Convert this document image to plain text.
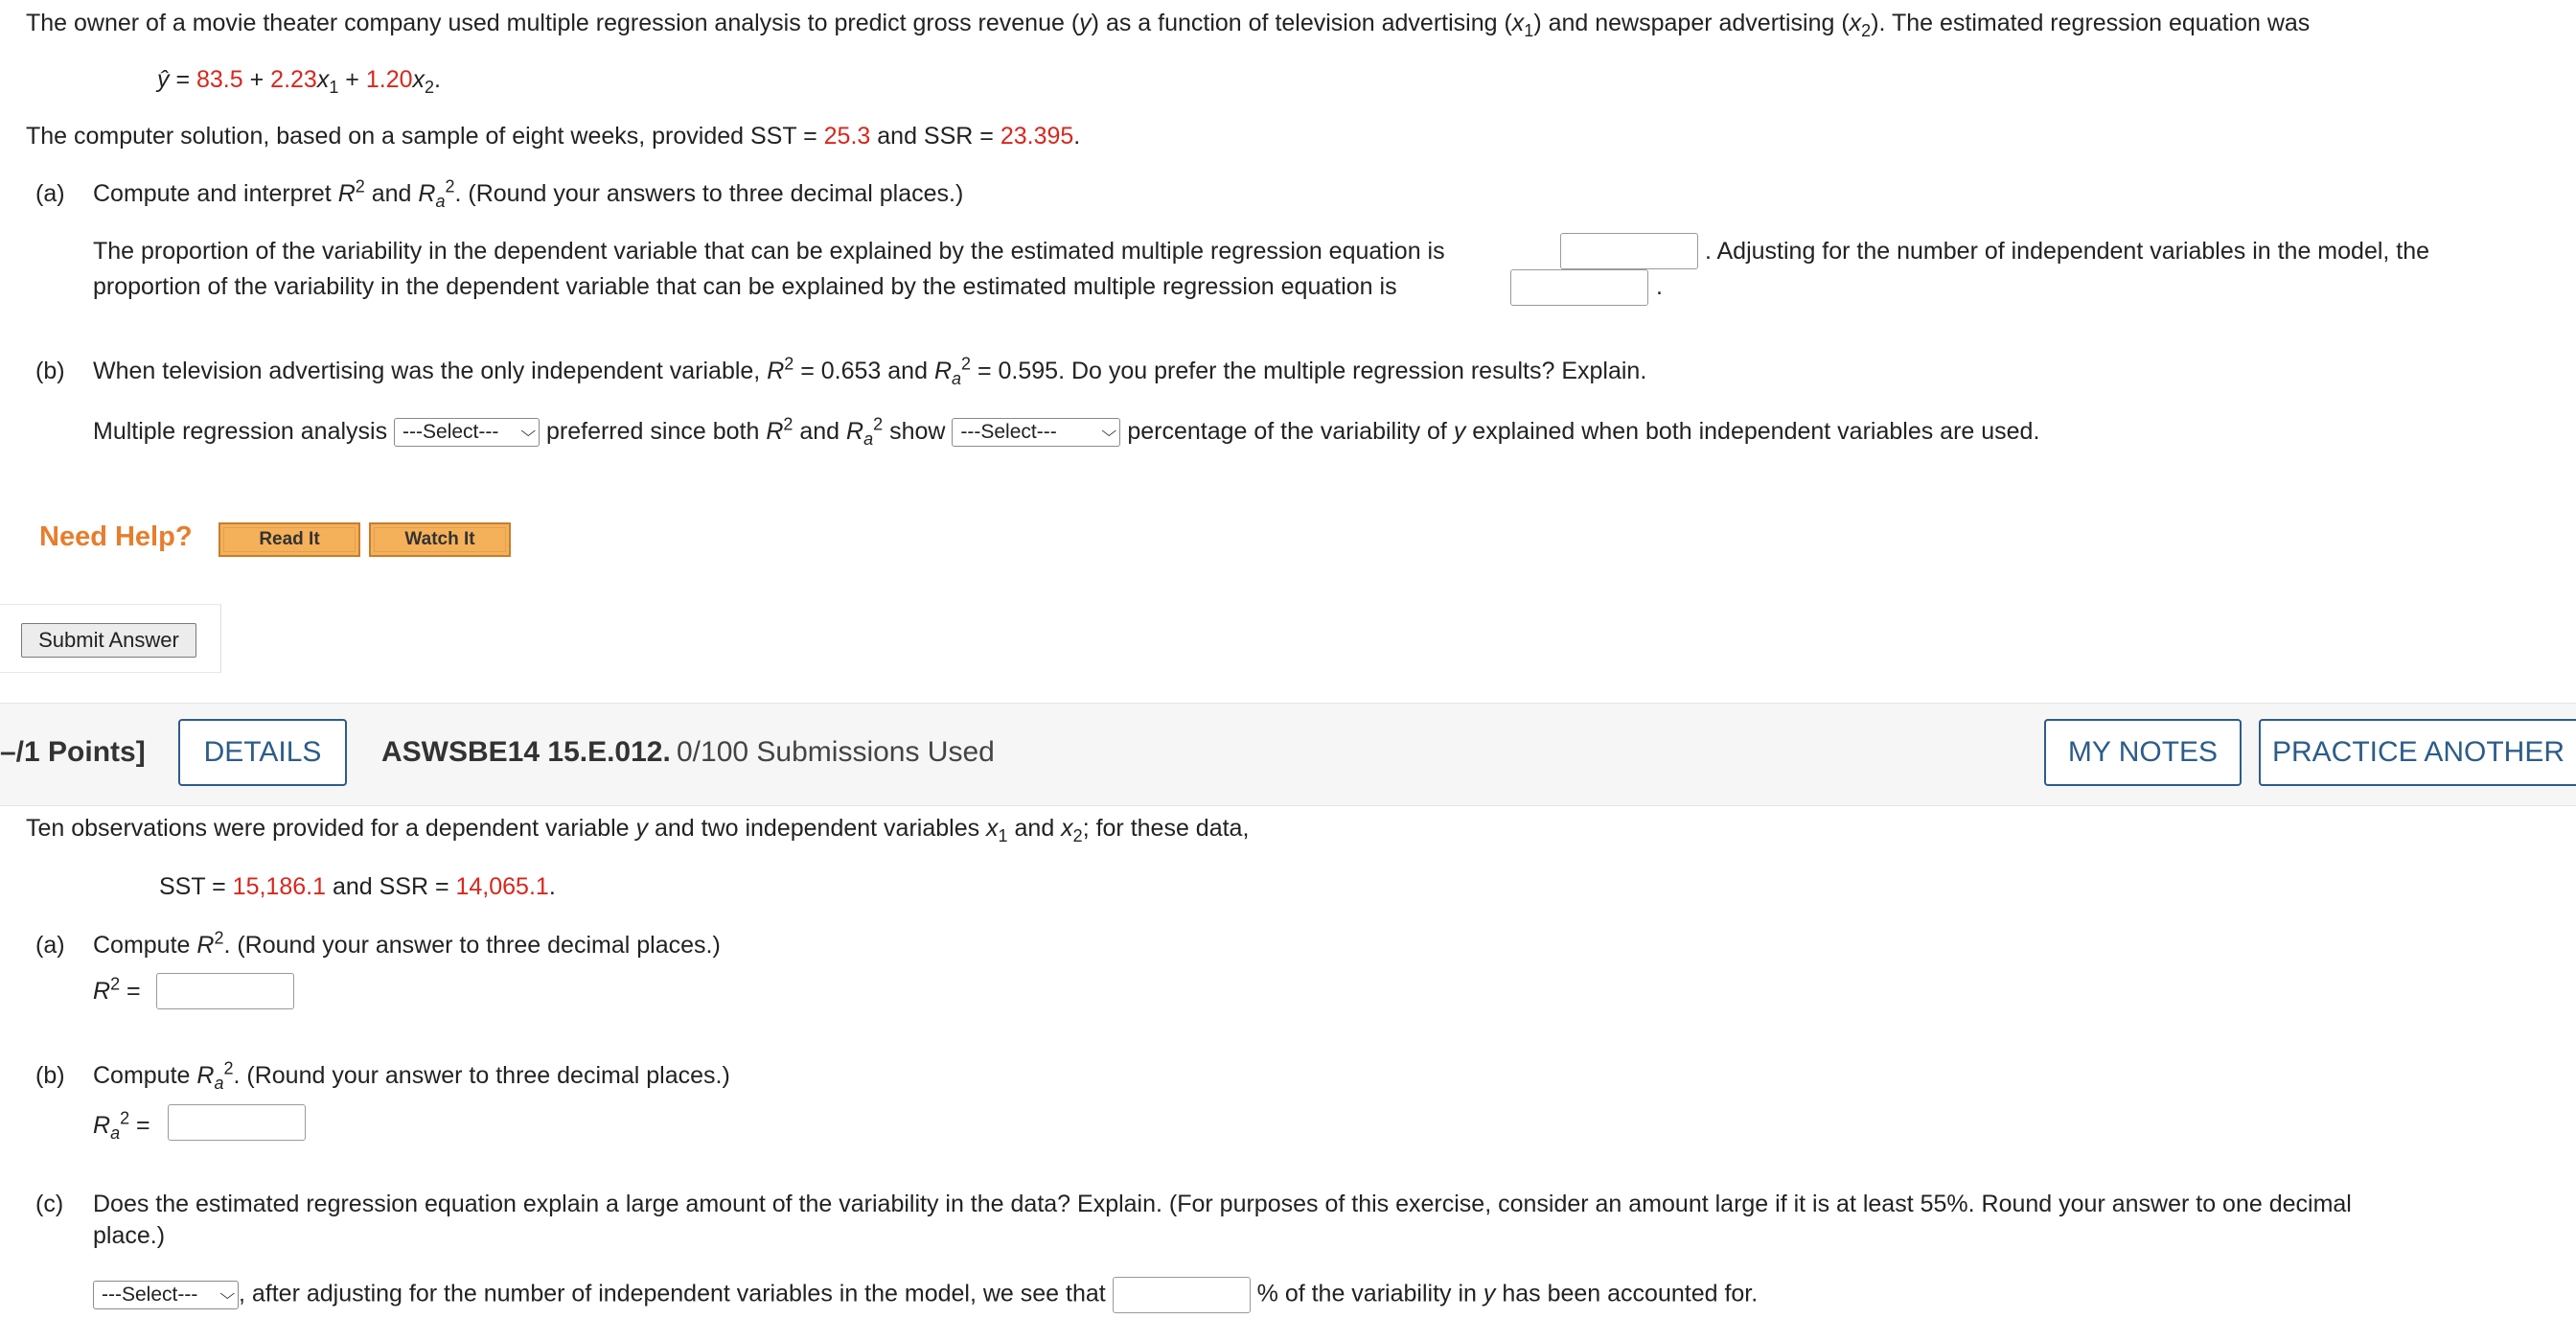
The owner of a movie theater company used multiple regression analysis to predict gross revenue (y) as a function of television advertising $(x_1)$ and newspaper advertising $(x_2)$. The estimated regression equation was
ŷ = $83.5 + 2.23x_1 + 1.20x_2$.
The computer solution, based on a sample of eight weeks, provided SST = 25.3 and SSR = 23.395.
(a) Compute and interpret $R^2$ and $R_a^2$. (Round your answers to three decimal places.)
The proportion of the variability in the dependent variable that can be explained by the estimated multiple regression equation is	. Adjusting for the number of independent variables in the model, the
proportion of the variability in the dependent variable that can be explained by the estimated multiple regression equation is	.
(b) When television advertising was the only independent variable, $R^2 = 0.653$ and $R_a^2 = 0.595$. Do you prefer the multiple regression results? Explain.
Multiple regression analysis ---Select---	⌵ preferred since both $R^2$ and $R_a^2$ show ---Select---	⌵ percentage of the variability of y explained when both independent variables are used.
Need Help?	Read It	Watch It
Submit Answer
–/1 Points]	DETAILS	ASWSBE14 15.E.012. 0/100 Submissions Used	MY NOTES	PRACTICE ANOTHER
Ten observations were provided for a dependent variable y and two independent variables $x_1$ and $x_2$; for these data,
SST = 15,186.1 and SSR = 14,065.1.
(a) Compute $R^2$. (Round your answer to three decimal places.)
$R^2$ =
(b) Compute $R_a^2$. (Round your answer to three decimal places.)
$R_a^2$ =
(c) Does the estimated regression equation explain a large amount of the variability in the data? Explain. (For purposes of this exercise, consider an amount large if it is at least 55%. Round your answer to one decimal
place.)
---Select---	⌵ , after adjusting for the number of independent variables in the model, we see that	% of the variability in y has been accounted for.
